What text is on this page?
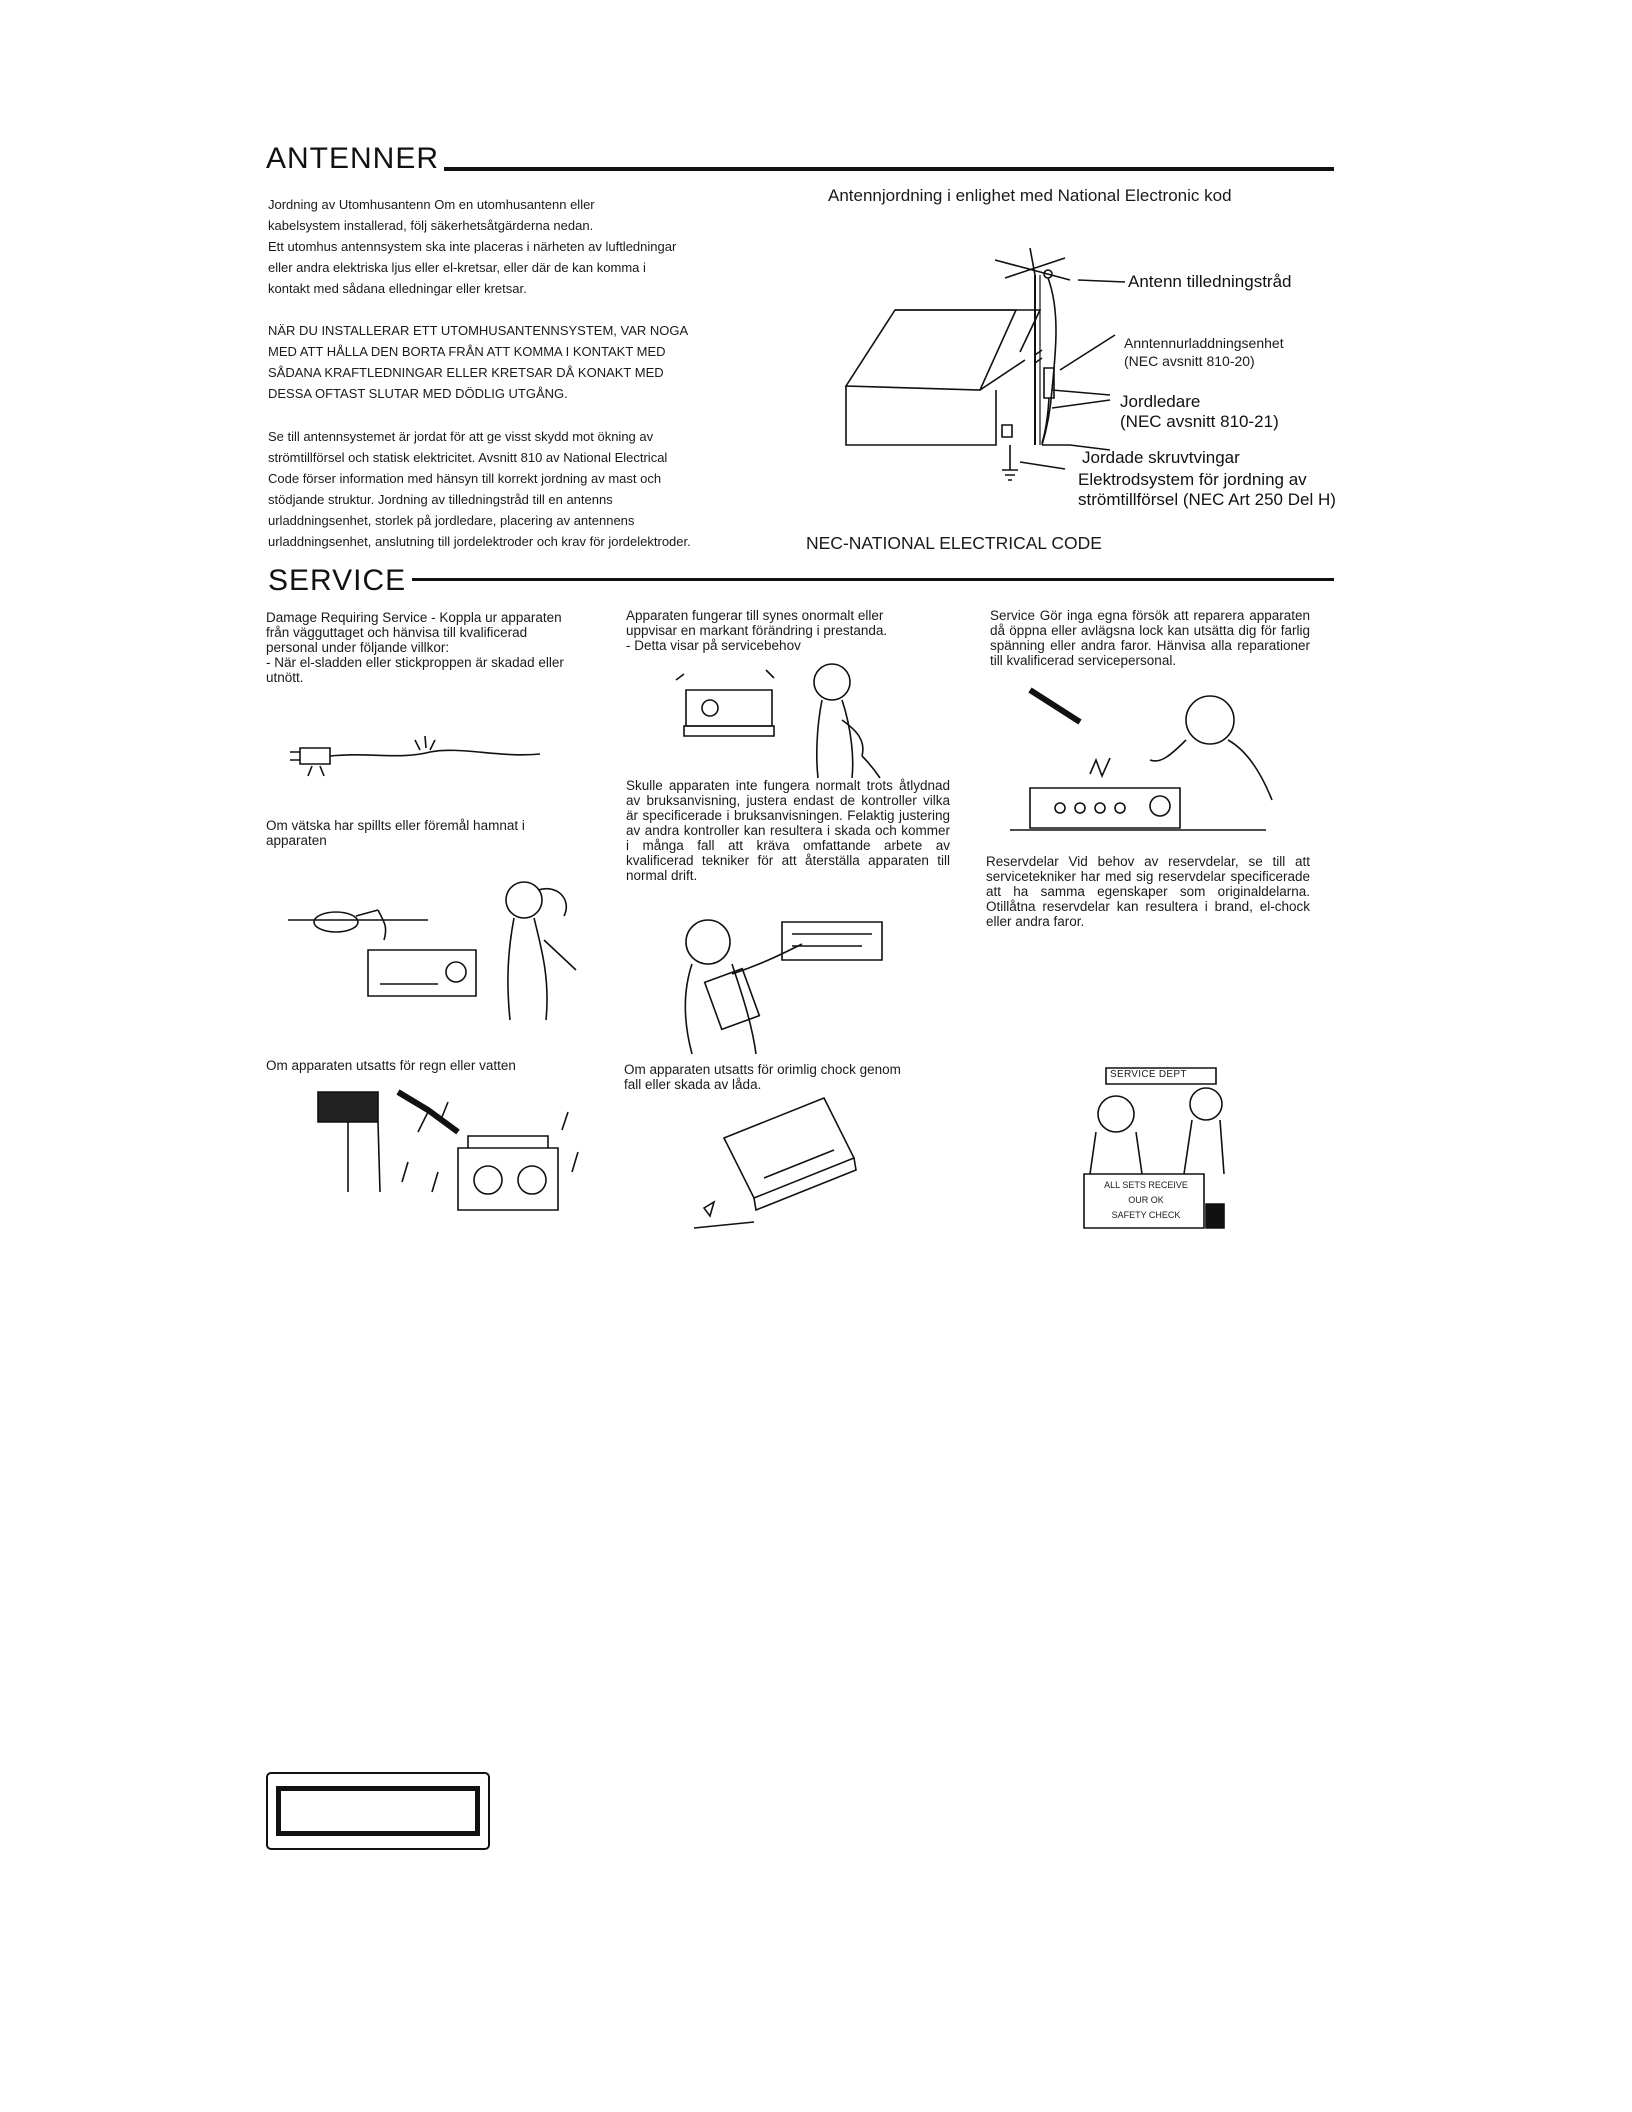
ANTENNER

Jordning av Utomhusantenn Om en utomhusantenn eller

kabelsystem installerad, följ säkerhetsåtgärderna nedan.

Ett utomhus antennsystem ska inte placeras i närheten av luftledningar

eller andra elektriska ljus eller el-kretsar, eller där de kan komma i

kontakt med sådana elledningar eller kretsar.

NÄR DU INSTALLERAR ETT UTOMHUSANTENNSYSTEM, VAR NOGA

MED ATT HÅLLA DEN BORTA FRÅN ATT KOMMA I KONTAKT MED

SÅDANA KRAFTLEDNINGAR ELLER KRETSAR DÅ KONAKT MED

DESSA OFTAST SLUTAR MED DÖDLIG UTGÅNG.

Se till antennsystemet är jordat för att ge visst skydd mot ökning av

strömtillförsel och statisk elektricitet. Avsnitt 810 av National Electrical

Code förser information med hänsyn till korrekt jordning av mast och

stödjande struktur. Jordning av tilledningstråd till en antenns

urladdningsenhet, storlek på jordledare, placering av antennens

urladdningsenhet, anslutning till jordelektroder och krav för jordelektroder.

Antennjordning i enlighet med National Electronic kod
Antenn tilledningstråd
Anntennurladdningsenhet
(NEC avsnitt 810-20)
Jordledare
(NEC avsnitt 810-21)
Jordade skruvtvingar
Elektrodsystem för jordning av
strömtillförsel (NEC Art 250 Del H)
NEC-NATIONAL ELECTRICAL CODE
SERVICE
Damage Requiring Service - Koppla ur apparaten
från vägguttaget och hänvisa till kvalificerad
personal under följande villkor:
- När el-sladden eller stickproppen är skadad eller
utnött.
Om vätska har spillts eller föremål hamnat i
apparaten
Om apparaten utsatts för regn eller vatten
Apparaten fungerar till synes onormalt eller
uppvisar en markant förändring i prestanda.
- Detta visar på servicebehov
Skulle apparaten inte fungera normalt trots åtlydnad av bruksanvisning, justera endast de kontroller vilka är specificerade i bruksanvisningen. Felaktig justering av andra kontroller kan resultera i skada och kommer i många fall att kräva omfattande arbete av kvalificerad tekniker för att återställa apparaten till normal drift.
Om apparaten utsatts för orimlig chock genom
fall eller skada av låda.
Service Gör inga egna försök att reparera apparaten då öppna eller avlägsna lock kan utsätta dig för farlig spänning eller andra faror. Hänvisa alla reparationer till kvalificerad servicepersonal.
Reservdelar Vid behov av reservdelar, se till att servicetekniker har med sig reservdelar specificerade att ha samma egenskaper som originaldelarna. Otillåtna reservdelar kan resultera i brand, el-chock eller andra faror.
SERVICE DEPT
ALL SETS RECEIVE
OUR OK
SAFETY CHECK
